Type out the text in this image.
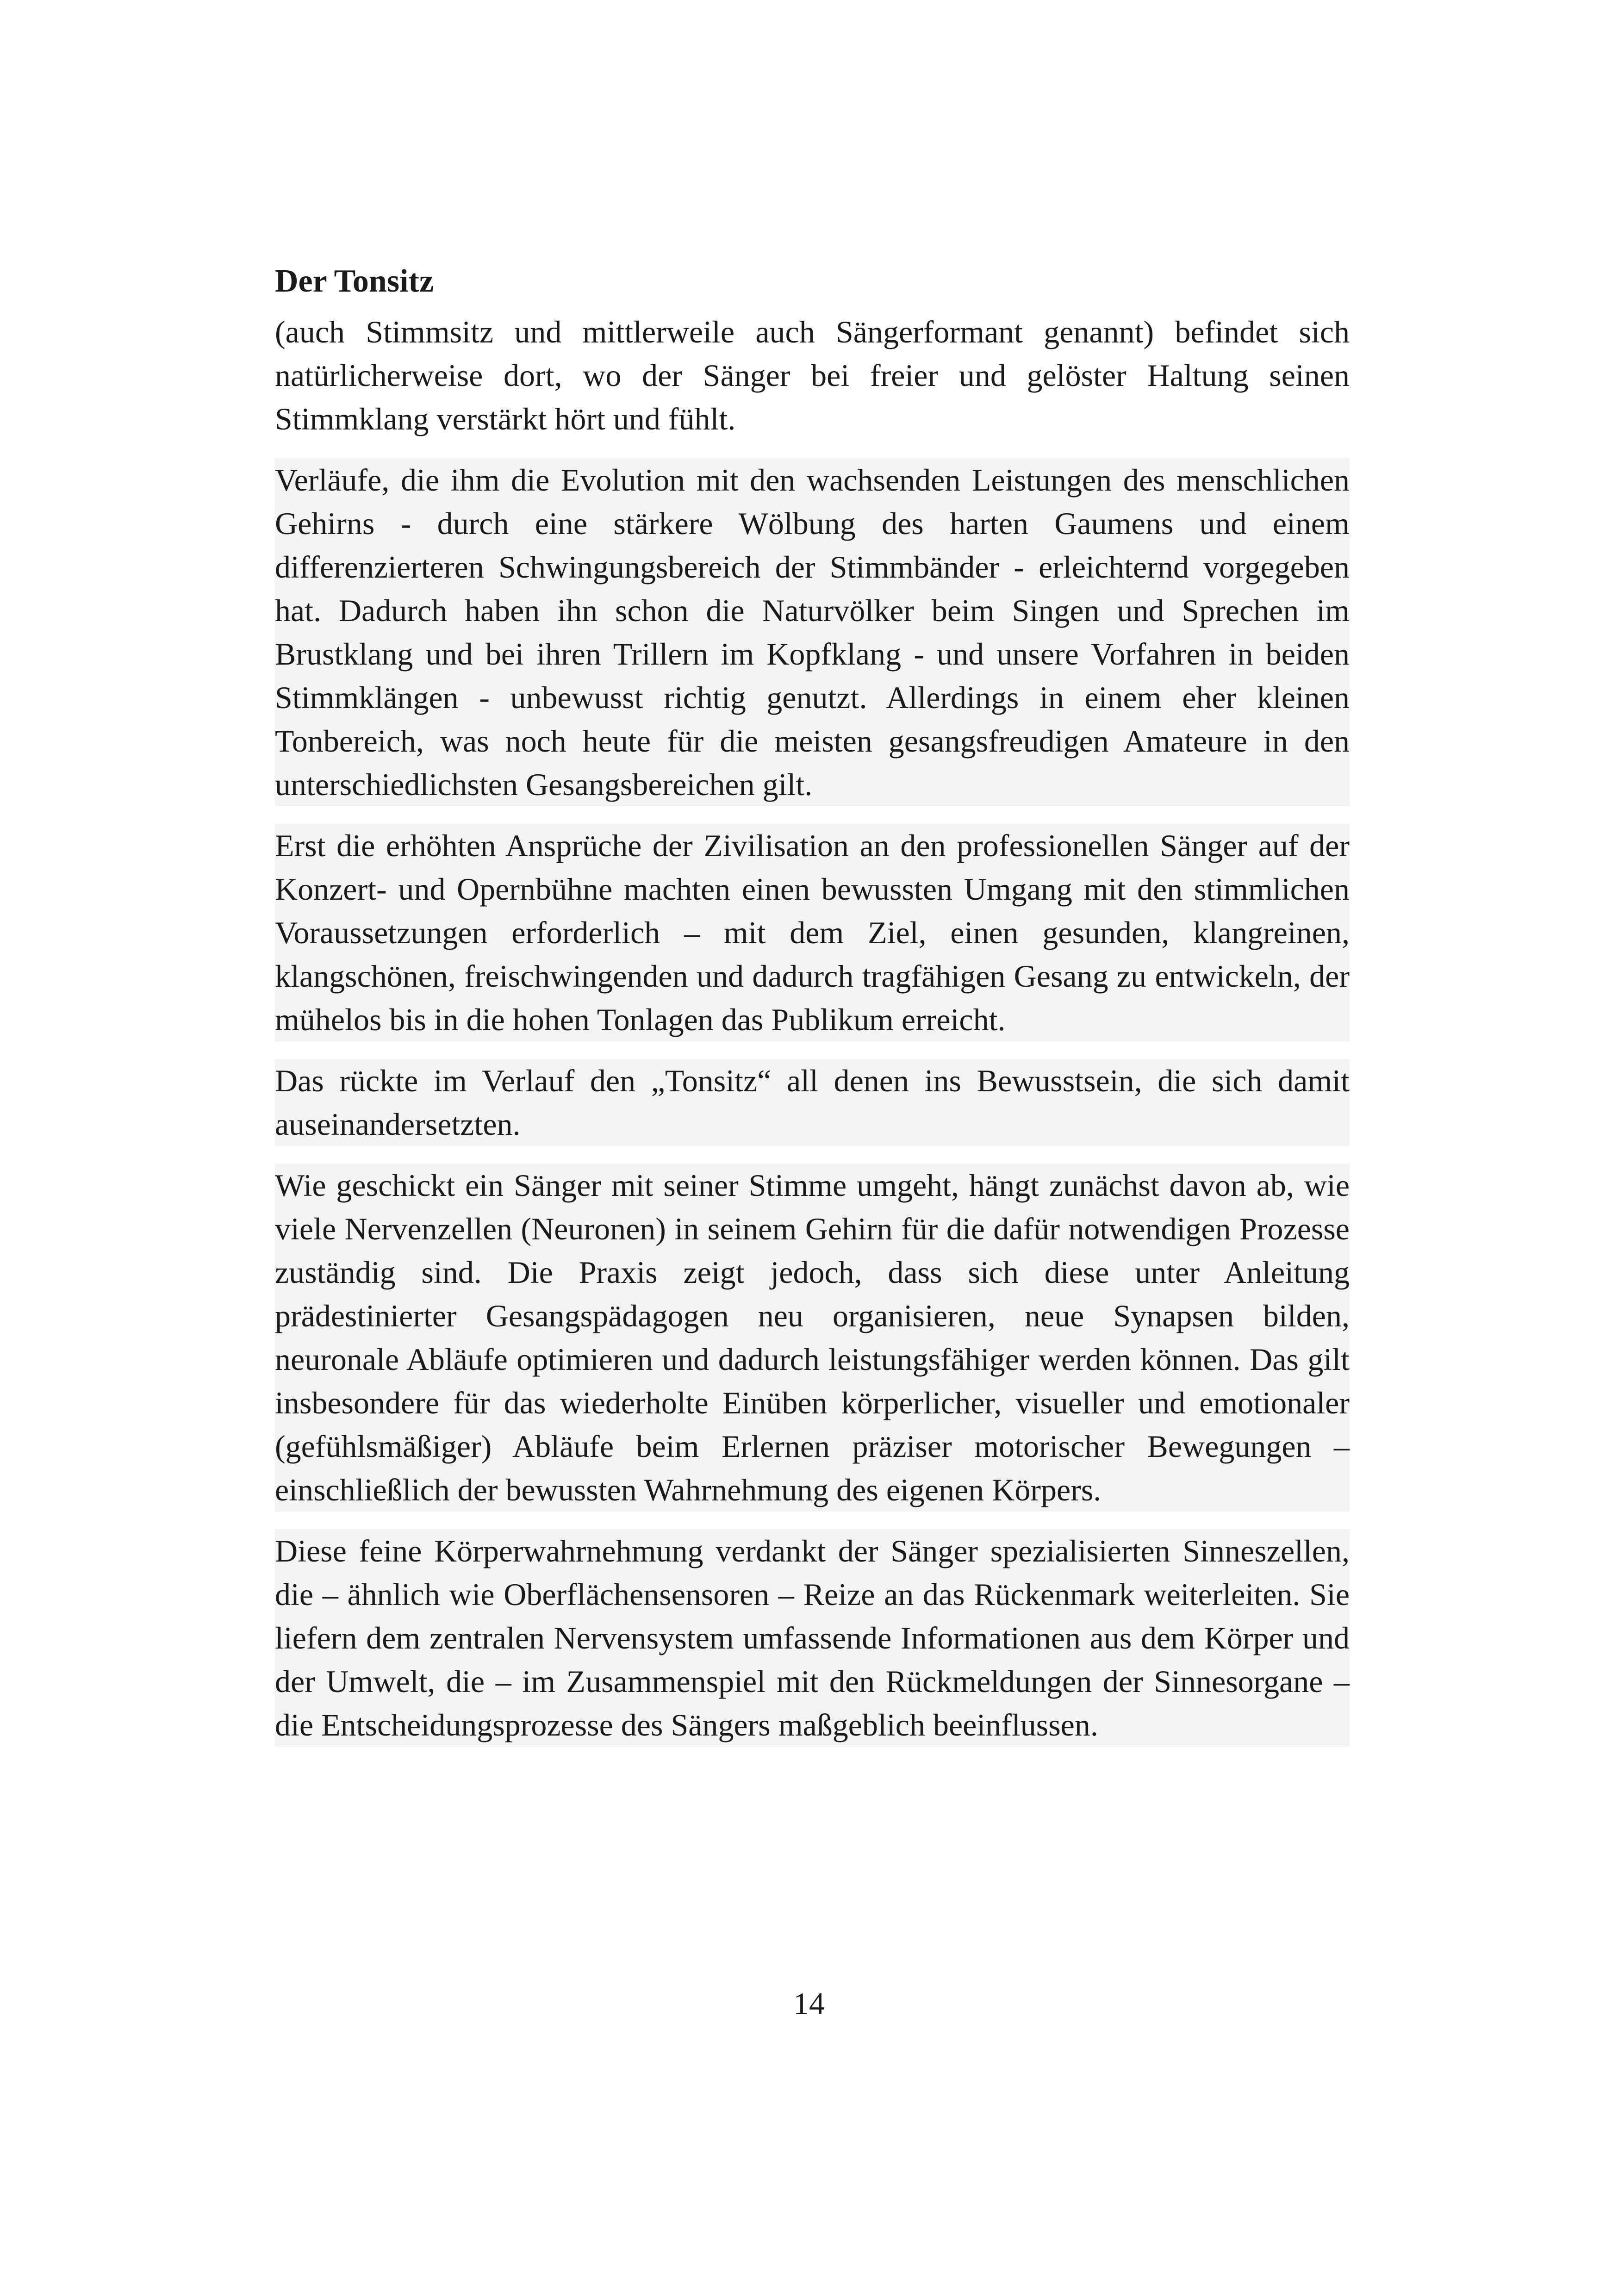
Der Tonsitz

(auch Stimmsitz und mittlerweile auch Sängerformant genannt) befindet sich natürlicherweise dort, wo der Sänger bei freier und gelöster Haltung seinen Stimmklang verstärkt hört und fühlt.

Verläufe, die ihm die Evolution mit den wachsenden Leistungen des menschlichen Gehirns - durch eine stärkere Wölbung des harten Gaumens und einem differenzierteren Schwingungsbereich der Stimmbänder - erleichternd vorgegeben hat. Dadurch haben ihn schon die Naturvölker beim Singen und Sprechen im Brustklang und bei ihren Trillern im Kopfklang - und unsere Vorfahren in beiden Stimmklängen - unbewusst richtig genutzt. Allerdings in einem eher kleinen Tonbereich, was noch heute für die meisten gesangsfreudigen Amateure in den unterschiedlichsten Gesangsbereichen gilt.

Erst die erhöhten Ansprüche der Zivilisation an den professionellen Sänger auf der Konzert- und Opernbühne machten einen bewussten Umgang mit den stimmlichen Voraussetzungen erforderlich – mit dem Ziel, einen gesunden, klangreinen, klangschönen, freischwingenden und dadurch tragfähigen Gesang zu entwickeln, der mühelos bis in die hohen Tonlagen das Publikum erreicht.

Das rückte im Verlauf den „Tonsitz“ all denen ins Bewusstsein, die sich damit auseinandersetzten.

Wie geschickt ein Sänger mit seiner Stimme umgeht, hängt zunächst davon ab, wie viele Nervenzellen (Neuronen) in seinem Gehirn für die dafür notwendigen Prozesse zuständig sind. Die Praxis zeigt jedoch, dass sich diese unter Anleitung prädestinierter Gesangspädagogen neu organisieren, neue Synapsen bilden, neuronale Abläufe optimieren und dadurch leistungsfähiger werden können. Das gilt insbesondere für das wiederholte Einüben körperlicher, visueller und emotionaler (gefühlsmäßiger) Abläufe beim Erlernen präziser motorischer Bewegungen – einschließlich der bewussten Wahrnehmung des eigenen Körpers.

Diese feine Körperwahrnehmung verdankt der Sänger spezialisierten Sinneszellen, die – ähnlich wie Oberflächensensoren – Reize an das Rückenmark weiterleiten. Sie liefern dem zentralen Nervensystem umfassende Informationen aus dem Körper und der Umwelt, die – im Zusammenspiel mit den Rückmeldungen der Sinnesorgane – die Entscheidungsprozesse des Sängers maßgeblich beeinflussen.

14
